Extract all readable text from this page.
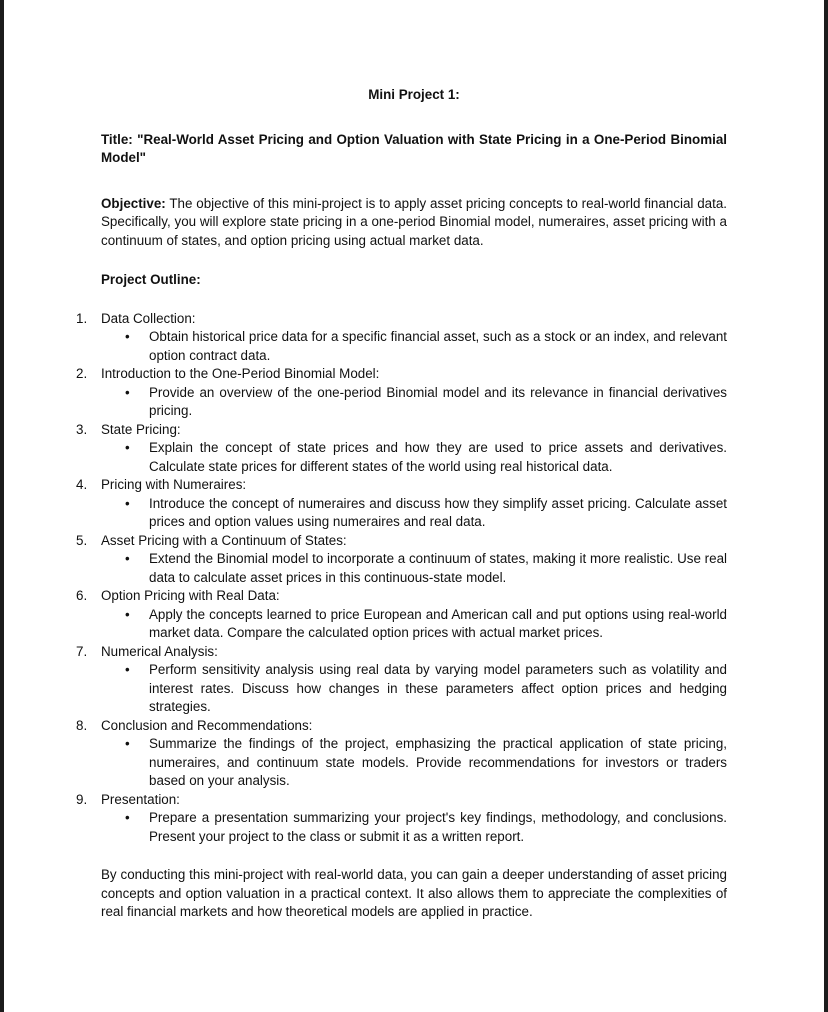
Mini Project 1:
Title: "Real-World Asset Pricing and Option Valuation with State Pricing in a One-Period Binomial Model"

Objective: The objective of this mini-project is to apply asset pricing concepts to real-world financial data. Specifically, you will explore state pricing in a one-period Binomial model, numeraires, asset pricing with a continuum of states, and option pricing using actual market data.

Project Outline:
1.	Data Collection:
• Obtain historical price data for a specific financial asset, such as a stock or an index, and relevant option contract data.
2.	Introduction to the One-Period Binomial Model:
• Provide an overview of the one-period Binomial model and its relevance in financial derivatives pricing.
3.	State Pricing:
• Explain the concept of state prices and how they are used to price assets and derivatives. Calculate state prices for different states of the world using real historical data.
4.	Pricing with Numeraires:
• Introduce the concept of numeraires and discuss how they simplify asset pricing. Calculate asset prices and option values using numeraires and real data.
5.	Asset Pricing with a Continuum of States:
• Extend the Binomial model to incorporate a continuum of states, making it more realistic. Use real data to calculate asset prices in this continuous-state model.
6.	Option Pricing with Real Data:
• Apply the concepts learned to price European and American call and put options using real-world market data. Compare the calculated option prices with actual market prices.
7.	Numerical Analysis:
• Perform sensitivity analysis using real data by varying model parameters such as volatility and interest rates. Discuss how changes in these parameters affect option prices and hedging strategies.
8.	Conclusion and Recommendations:
• Summarize the findings of the project, emphasizing the practical application of state pricing, numeraires, and continuum state models. Provide recommendations for investors or traders based on your analysis.
9.	Presentation:
• Prepare a presentation summarizing your project's key findings, methodology, and conclusions. Present your project to the class or submit it as a written report.

By conducting this mini-project with real-world data, you can gain a deeper understanding of asset pricing concepts and option valuation in a practical context. It also allows them to appreciate the complexities of real financial markets and how theoretical models are applied in practice.
